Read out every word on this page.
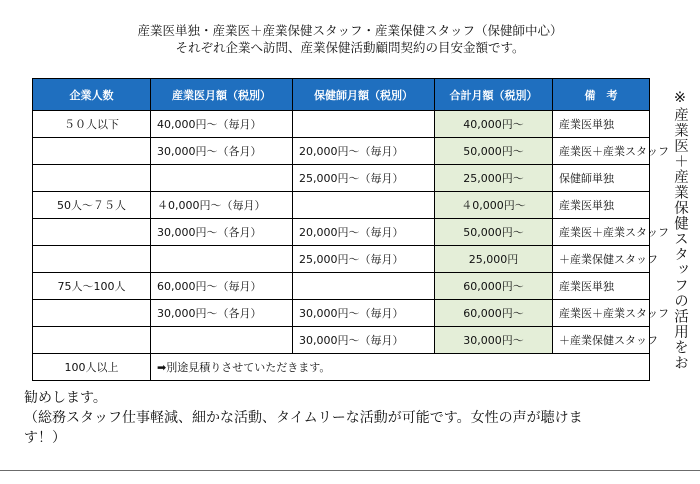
産業医単独・産業医＋産業保健スタッフ・産業保健スタッフ（保健師中心）
それぞれ企業へ訪問、産業保健活動顧問契約の目安金額です。
企業人数	産業医月額（税別）	保健師月額（税別）	合計月額（税別）	備　考
５０人以下	40,000円～（毎月）		40,000円～	産業医単独
	30,000円～（各月）	20,000円～（毎月）	50,000円～	産業医＋産業スタッフ
		25,000円～（毎月）	25,000円～	保健師単独
50人～７５人	４0,000円～（毎月）		４0,000円～	産業医単独
	30,000円～（各月）	20,000円～（毎月）	50,000円～	産業医＋産業スタッフ
		25,000円～（毎月）	25,000円	＋産業保健スタッフ
75人～100人	60,000円～（毎月）		60,000円～	産業医単独
	30,000円～（各月）	30,000円～（毎月）	60,000円～	産業医＋産業スタッフ
		30,000円～（毎月）	30,000円～	＋産業保健スタッフ
100人以上	➡別途見積りさせていただきます。				※産業医＋産業保健スタッフの活用をお
勧めします。
（総務スタッフ仕事軽減、細かな活動、タイムリーな活動が可能です。女性の声が聴けま
す！）
